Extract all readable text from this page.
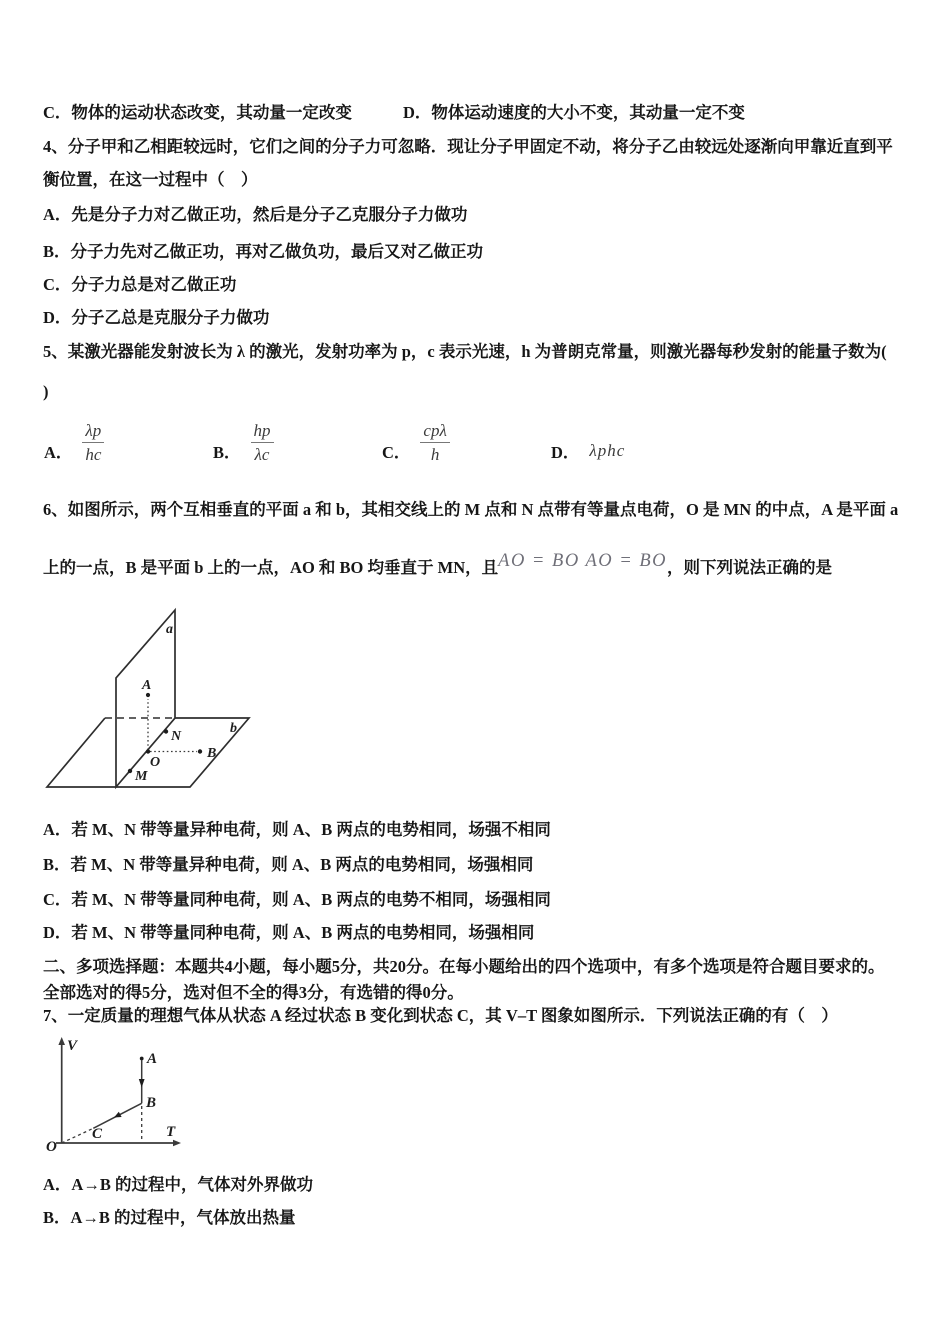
C．物体的运动状态改变，其动量一定改变	D．物体运动速度的大小不变，其动量一定不变
4、分子甲和乙相距较远时，它们之间的分子力可忽略．现让分子甲固定不动，将分子乙由较远处逐渐向甲靠近直到平
衡位置，在这一过程中（　）
A．先是分子力对乙做正功，然后是分子乙克服分子力做功
B．分子力先对乙做正功，再对乙做负功，最后又对乙做正功
C．分子力总是对乙做正功
D．分子乙总是克服分子力做功
5、某激光器能发射波长为 λ 的激光，发射功率为 p，c 表示光速，h 为普朗克常量，则激光器每秒发射的能量子数为(
)
A． $\frac{\lambda p}{hc}$	B． $\frac{hp}{\lambda c}$	C． $\frac{\text{cpλ}}{h}$	D． λphc
6、如图所示，两个互相垂直的平面 a 和 b，其相交线上的 M 点和 N 点带有等量点电荷，O 是 MN 的中点，A 是平面 a
上的一点，B 是平面 b 上的一点，AO 和 BO 均垂直于 MN，且AO = BO AO = BO，则下列说法正确的是
a
b
A
N
O
B
M
A．若 M、N 带等量异种电荷，则 A、B 两点的电势相同，场强不相同
B．若 M、N 带等量异种电荷，则 A、B 两点的电势相同，场强相同
C．若 M、N 带等量同种电荷，则 A、B 两点的电势不相同，场强相同
D．若 M、N 带等量同种电荷，则 A、B 两点的电势相同，场强相同
二、多项选择题：本题共4小题，每小题5分，共20分。在每小题给出的四个选项中，有多个选项是符合题目要求的。
全部选对的得5分，选对但不全的得3分，有选错的得0分。
7、一定质量的理想气体从状态 A 经过状态 B 变化到状态 C，其 V–T 图象如图所示．下列说法正确的有（　）
V
T
O
A
B
C
A．A→B 的过程中，气体对外界做功
B．A→B 的过程中，气体放出热量
